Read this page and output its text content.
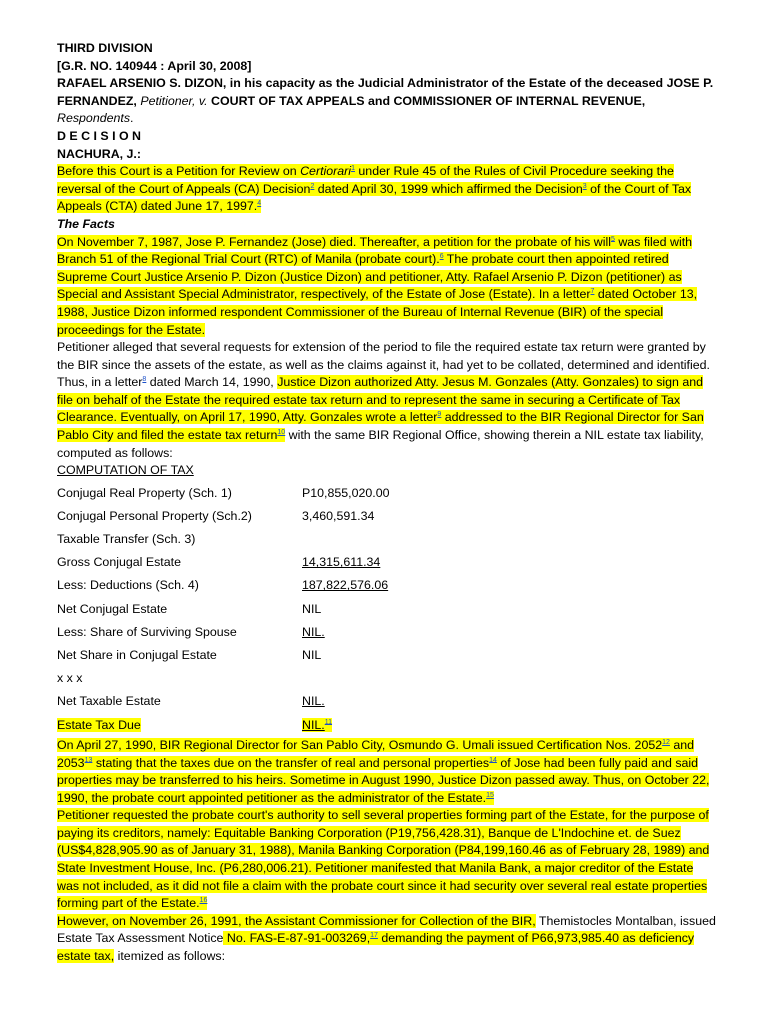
THIRD DIVISION

[G.R. NO. 140944 : April 30, 2008]

RAFAEL ARSENIO S. DIZON, in his capacity as the Judicial Administrator of the Estate of the deceased JOSE P. FERNANDEZ, Petitioner, v. COURT OF TAX APPEALS and COMMISSIONER OF INTERNAL REVENUE, Respondents.

D E C I S I O N

NACHURA, J.:

Before this Court is a Petition for Review on Certiorari$^1$ under Rule 45 of the Rules of Civil Procedure seeking the reversal of the Court of Appeals (CA) Decision$^2$ dated April 30, 1999 which affirmed the Decision$^3$ of the Court of Tax Appeals (CTA) dated June 17, 1997.$^4$

The Facts

On November 7, 1987, Jose P. Fernandez (Jose) died. Thereafter, a petition for the probate of his will$^5$ was filed with Branch 51 of the Regional Trial Court (RTC) of Manila (probate court).$^6$ The probate court then appointed retired Supreme Court Justice Arsenio P. Dizon (Justice Dizon) and petitioner, Atty. Rafael Arsenio P. Dizon (petitioner) as Special and Assistant Special Administrator, respectively, of the Estate of Jose (Estate). In a letter$^7$ dated October 13, 1988, Justice Dizon informed respondent Commissioner of the Bureau of Internal Revenue (BIR) of the special proceedings for the Estate.

Petitioner alleged that several requests for extension of the period to file the required estate tax return were granted by the BIR since the assets of the estate, as well as the claims against it, had yet to be collated, determined and identified. Thus, in a letter$^8$ dated March 14, 1990, Justice Dizon authorized Atty. Jesus M. Gonzales (Atty. Gonzales) to sign and file on behalf of the Estate the required estate tax return and to represent the same in securing a Certificate of Tax Clearance. Eventually, on April 17, 1990, Atty. Gonzales wrote a letter$^9$ addressed to the BIR Regional Director for San Pablo City and filed the estate tax return$^{10}$ with the same BIR Regional Office, showing therein a NIL estate tax liability, computed as follows:

COMPUTATION OF TAX

Conjugal Real Property (Sch. 1)	P10,855,020.00
Conjugal Personal Property (Sch.2)	3,460,591.34
Taxable Transfer (Sch. 3)
Gross Conjugal Estate	14,315,611.34
Less: Deductions (Sch. 4)	187,822,576.06
Net Conjugal Estate	NIL
Less: Share of Surviving Spouse	NIL.
Net Share in Conjugal Estate	NIL
x x x
Net Taxable Estate	NIL.
Estate Tax Due	NIL.$^{11}$

On April 27, 1990, BIR Regional Director for San Pablo City, Osmundo G. Umali issued Certification Nos. 2052$^{12}$ and 2053$^{13}$ stating that the taxes due on the transfer of real and personal properties$^{14}$ of Jose had been fully paid and said properties may be transferred to his heirs. Sometime in August 1990, Justice Dizon passed away. Thus, on October 22, 1990, the probate court appointed petitioner as the administrator of the Estate.$^{15}$

Petitioner requested the probate court's authority to sell several properties forming part of the Estate, for the purpose of paying its creditors, namely: Equitable Banking Corporation (P19,756,428.31), Banque de L'Indochine et. de Suez (US$4,828,905.90 as of January 31, 1988), Manila Banking Corporation (P84,199,160.46 as of February 28, 1989) and State Investment House, Inc. (P6,280,006.21). Petitioner manifested that Manila Bank, a major creditor of the Estate was not included, as it did not file a claim with the probate court since it had security over several real estate properties forming part of the Estate.$^{16}$

However, on November 26, 1991, the Assistant Commissioner for Collection of the BIR, Themistocles Montalban, issued Estate Tax Assessment Notice No. FAS-E-87-91-003269,17 demanding the payment of P66,973,985.40 as deficiency estate tax, itemized as follows:
